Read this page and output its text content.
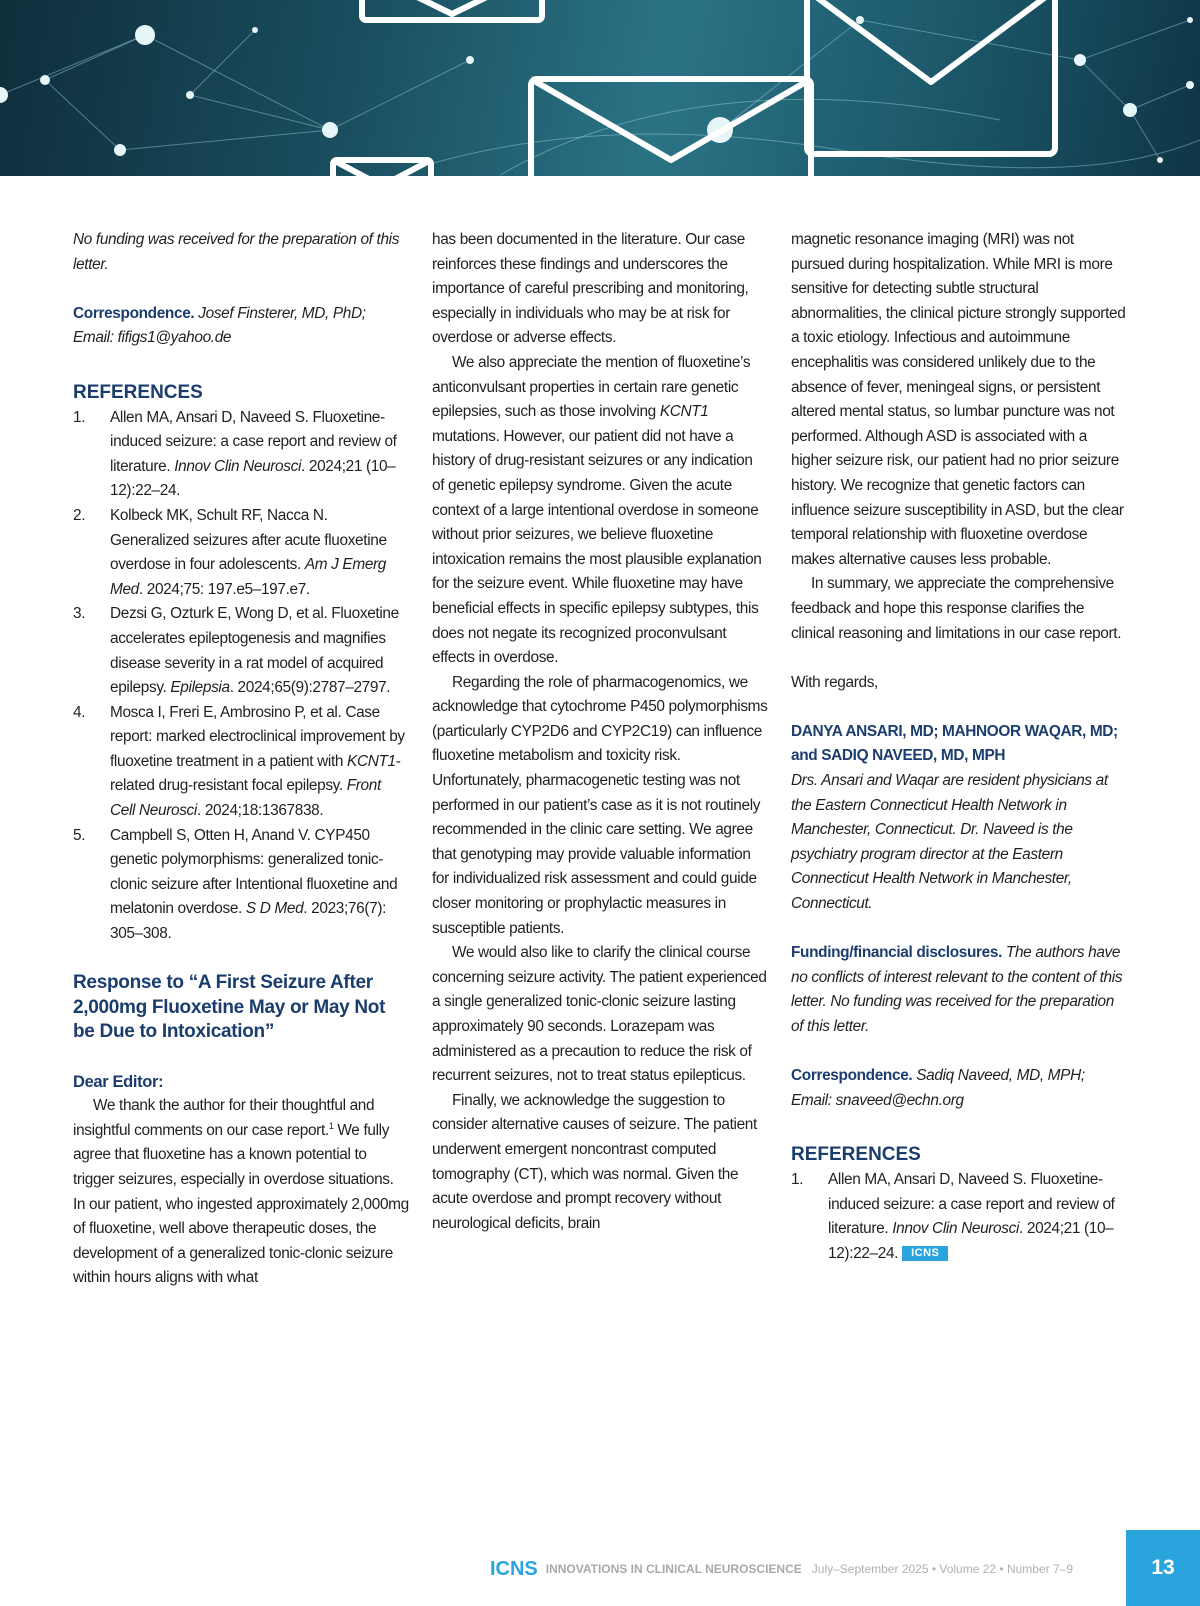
No funding was received for the preparation of this letter.

Correspondence. Josef Finsterer, MD, PhD;
Email: fifigs1@yahoo.de

REFERENCES
1. Allen MA, Ansari D, Naveed S. Fluoxetine-induced seizure: a case report and review of literature. Innov Clin Neurosci. 2024;21 (10–12):22–24.
2. Kolbeck MK, Schult RF, Nacca N. Generalized seizures after acute fluoxetine overdose in four adolescents. Am J Emerg Med. 2024;75: 197.e5–197.e7.
3. Dezsi G, Ozturk E, Wong D, et al. Fluoxetine accelerates epileptogenesis and magnifies disease severity in a rat model of acquired epilepsy. Epilepsia. 2024;65(9):2787–2797.
4. Mosca I, Freri E, Ambrosino P, et al. Case report: marked electroclinical improvement by fluoxetine treatment in a patient with KCNT1-related drug-resistant focal epilepsy. Front Cell Neurosci. 2024;18:1367838.
5. Campbell S, Otten H, Anand V. CYP450 genetic polymorphisms: generalized tonic-clonic seizure after Intentional fluoxetine and melatonin overdose. S D Med. 2023;76(7): 305–308.
Response to “A First Seizure After 2,000mg Fluoxetine May or May Not be Due to Intoxication”

Dear Editor:

We thank the author for their thoughtful and insightful comments on our case report.$^1$ We fully agree that fluoxetine has a known potential to trigger seizures, especially in overdose situations. In our patient, who ingested approximately 2,000mg of fluoxetine, well above therapeutic doses, the development of a generalized tonic-clonic seizure within hours aligns with what

has been documented in the literature. Our case reinforces these findings and underscores the importance of careful prescribing and monitoring, especially in individuals who may be at risk for overdose or adverse effects.

We also appreciate the mention of fluoxetine’s anticonvulsant properties in certain rare genetic epilepsies, such as those involving KCNT1 mutations. However, our patient did not have a history of drug-resistant seizures or any indication of genetic epilepsy syndrome. Given the acute context of a large intentional overdose in someone without prior seizures, we believe fluoxetine intoxication remains the most plausible explanation for the seizure event. While fluoxetine may have beneficial effects in specific epilepsy subtypes, this does not negate its recognized proconvulsant effects in overdose.

Regarding the role of pharmacogenomics, we acknowledge that cytochrome P450 polymorphisms (particularly CYP2D6 and CYP2C19) can influence fluoxetine metabolism and toxicity risk. Unfortunately, pharmacogenetic testing was not performed in our patient’s case as it is not routinely recommended in the clinic care setting. We agree that genotyping may provide valuable information for individualized risk assessment and could guide closer monitoring or prophylactic measures in susceptible patients.

We would also like to clarify the clinical course concerning seizure activity. The patient experienced a single generalized tonic-clonic seizure lasting approximately 90 seconds. Lorazepam was administered as a precaution to reduce the risk of recurrent seizures, not to treat status epilepticus.

Finally, we acknowledge the suggestion to consider alternative causes of seizure. The patient underwent emergent noncontrast computed tomography (CT), which was normal. Given the acute overdose and prompt recovery without neurological deficits, brain

magnetic resonance imaging (MRI) was not pursued during hospitalization. While MRI is more sensitive for detecting subtle structural abnormalities, the clinical picture strongly supported a toxic etiology. Infectious and autoimmune encephalitis was considered unlikely due to the absence of fever, meningeal signs, or persistent altered mental status, so lumbar puncture was not performed. Although ASD is associated with a higher seizure risk, our patient had no prior seizure history. We recognize that genetic factors can influence seizure susceptibility in ASD, but the clear temporal relationship with fluoxetine overdose makes alternative causes less probable.

In summary, we appreciate the comprehensive feedback and hope this response clarifies the clinical reasoning and limitations in our case report.

With regards,

DANYA ANSARI, MD; MAHNOOR WAQAR, MD; and SADIQ NAVEED, MD, MPH

Drs. Ansari and Waqar are resident physicians at the Eastern Connecticut Health Network in Manchester, Connecticut. Dr. Naveed is the psychiatry program director at the Eastern Connecticut Health Network in Manchester, Connecticut.

Funding/financial disclosures. The authors have no conflicts of interest relevant to the content of this letter. No funding was received for the preparation of this letter.

Correspondence. Sadiq Naveed, MD, MPH;
Email: snaveed@echn.org

REFERENCES
1. Allen MA, Ansari D, Naveed S. Fluoxetine-induced seizure: a case report and review of literature. Innov Clin Neurosci. 2024;21 (10–12):22–24. ICNS
ICNS INNOVATIONS IN CLINICAL NEUROSCIENCE July–September 2025 • Volume 22 • Number 7–9	13
